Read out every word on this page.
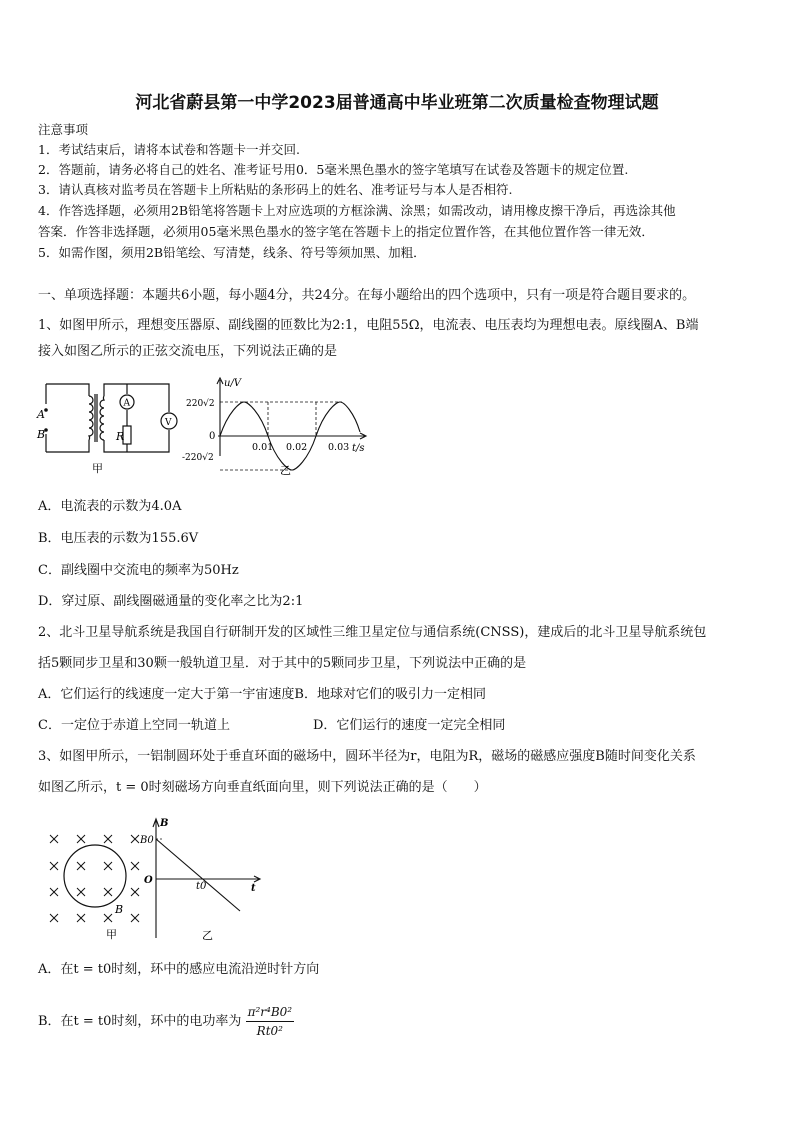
河北省蔚县第一中学2023届普通高中毕业班第二次质量检查物理试题
注意事项
1．考试结束后，请将本试卷和答题卡一并交回.
2．答题前，请务必将自己的姓名、准考证号用0．5毫米黑色墨水的签字笔填写在试卷及答题卡的规定位置.
3．请认真核对监考员在答题卡上所粘贴的条形码上的姓名、准考证号与本人是否相符.
4．作答选择题，必须用2B铅笔将答题卡上对应选项的方框涂满、涂黑；如需改动，请用橡皮擦干净后，再选涂其他
答案．作答非选择题，必须用05毫米黑色墨水的签字笔在答题卡上的指定位置作答，在其他位置作答一律无效．
5．如需作图，须用2B铅笔绘、写清楚，线条、符号等须加黑、加粗．
一、单项选择题：本题共6小题，每小题4分，共24分。在每小题给出的四个选项中，只有一项是符合题目要求的。
1、如图甲所示，理想变压器原、副线圈的匝数比为2:1，电阻55Ω，电流表、电压表均为理想电表。原线圈A、B端
接入如图乙所示的正弦交流电压，下列说法正确的是
A
B	R
A
V
甲
u/V
220√2
-220√2
0
0.01 0.02 0.03 t/s
乙
A．电流表的示数为4.0A
B．电压表的示数为155.6V
C．副线圈中交流电的频率为50Hz
D．穿过原、副线圈磁通量的变化率之比为2:1
2、北斗卫星导航系统是我国自行研制开发的区域性三维卫星定位与通信系统(CNSS)，建成后的北斗卫星导航系统包
括5颗同步卫星和30颗一般轨道卫星．对于其中的5颗同步卫星，下列说法中正确的是
A．它们运行的线速度一定大于第一宇宙速度B．地球对它们的吸引力一定相同
C．一定位于赤道上空同一轨道上	D．它们运行的速度一定完全相同
3、如图甲所示，一铝制圆环处于垂直环面的磁场中，圆环半径为r，电阻为R，磁场的磁感应强度B随时间变化关系
如图乙所示，t = 0时刻磁场方向垂直纸面向里，则下列说法正确的是（　　）
B
甲
B
B0
O
t0	t
乙
A．在t = t0时刻，环中的感应电流沿逆时针方向
B．在t = t0时刻，环中的电功率为 $\frac{\text{π²r⁴B0²}}{\text{Rt0²}}$
